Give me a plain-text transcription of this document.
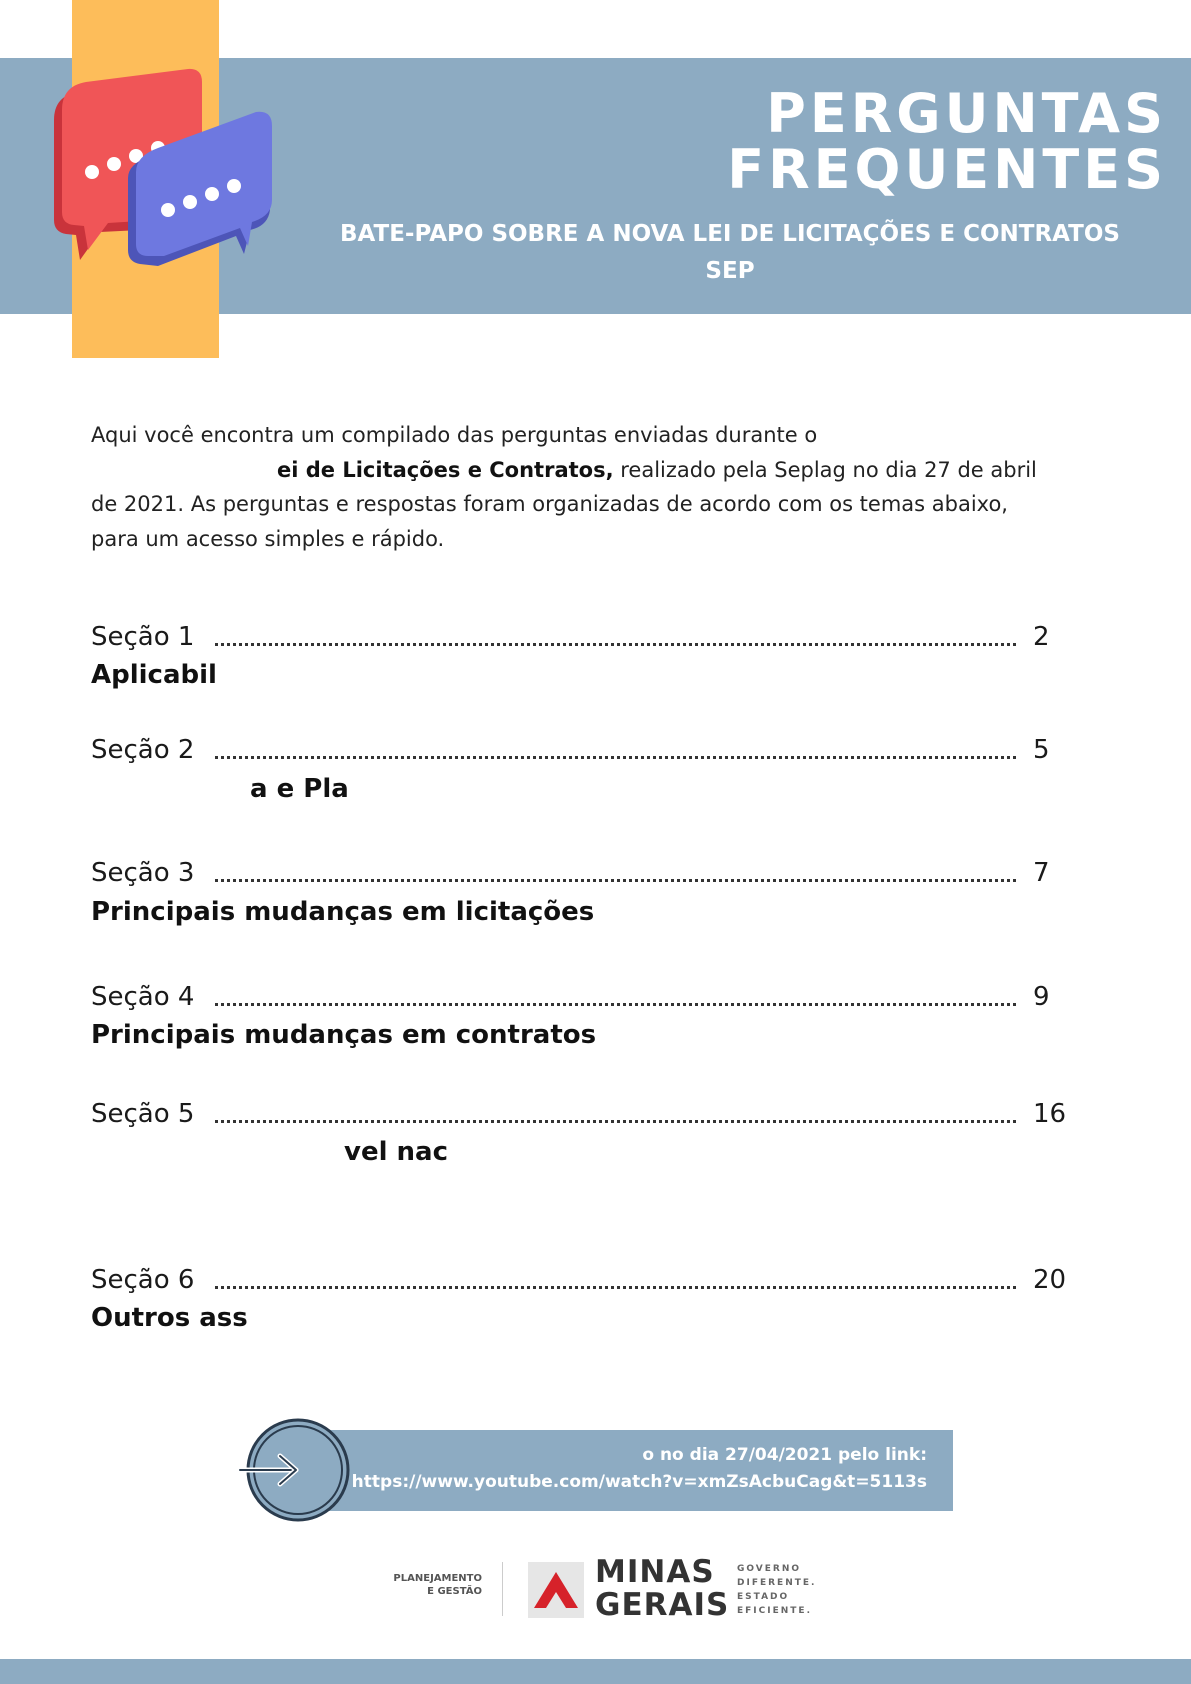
PERGUNTAS
FREQUENTES
BATE-PAPO SOBRE A NOVA LEI DE LICITAÇÕES E CONTRATOS
SEP

Aqui você encontra um compilado das perguntas enviadas durante o

ei de Licitações e Contratos, realizado pela Seplag no dia 27 de abril

de 2021. As perguntas e respostas foram organizadas de acordo com os temas abaixo,

para um acesso simples e rápido.

Seção 1	2
Aplicabil
Seção 2	5
a e Pla
Seção 3	7
Principais mudanças em licitações
Seção 4	9
Principais mudanças em contratos
Seção 5	16
vel nac
Seção 6	20
Outros ass
o no dia 27/04/2021 pelo link:
https://www.youtube.com/watch?v=xmZsAcbuCag&t=5113s
PLANEJAMENTO
E GESTÃO
MINAS
GERAIS
GOVERNO
DIFERENTE.
ESTADO
EFICIENTE.
